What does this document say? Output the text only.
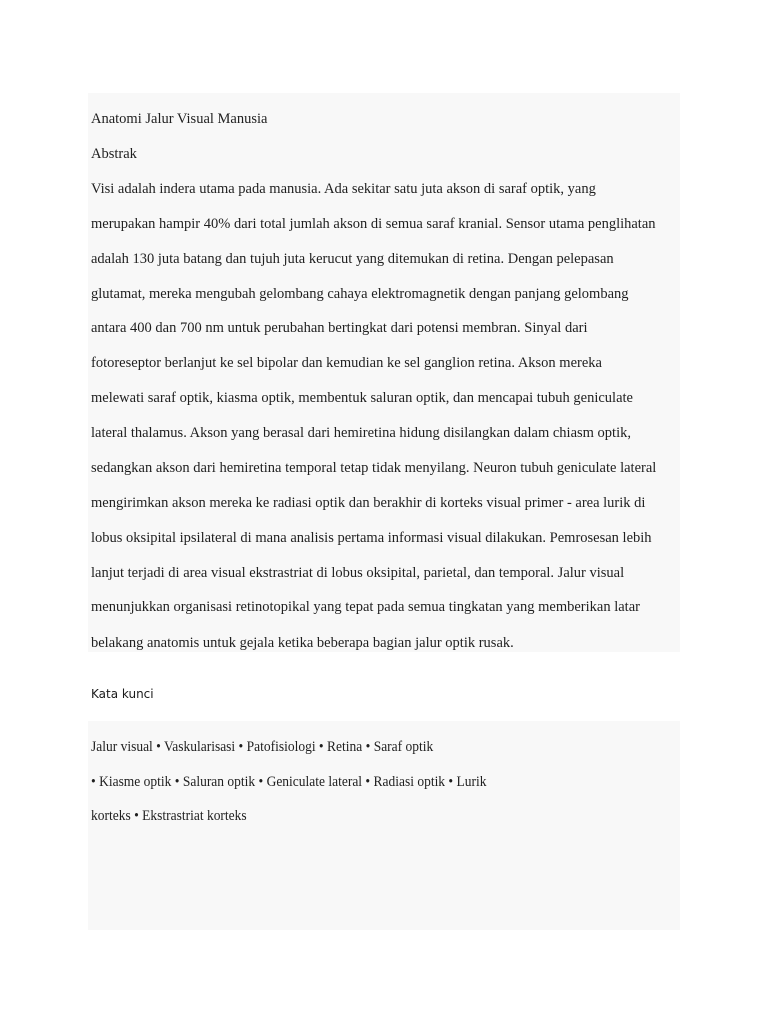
Anatomi Jalur Visual Manusia

Abstrak

Visi adalah indera utama pada manusia. Ada sekitar satu juta akson di saraf optik, yang

merupakan hampir 40% dari total jumlah akson di semua saraf kranial. Sensor utama penglihatan

adalah 130 juta batang dan tujuh juta kerucut yang ditemukan di retina. Dengan pelepasan

glutamat, mereka mengubah gelombang cahaya elektromagnetik dengan panjang gelombang

antara 400 dan 700 nm untuk perubahan bertingkat dari potensi membran. Sinyal dari

fotoreseptor berlanjut ke sel bipolar dan kemudian ke sel ganglion retina. Akson mereka

melewati saraf optik, kiasma optik, membentuk saluran optik, dan mencapai tubuh geniculate

lateral thalamus. Akson yang berasal dari hemiretina hidung disilangkan dalam chiasm optik,

sedangkan akson dari hemiretina temporal tetap tidak menyilang. Neuron tubuh geniculate lateral

mengirimkan akson mereka ke radiasi optik dan berakhir di korteks visual primer - area lurik di

lobus oksipital ipsilateral di mana analisis pertama informasi visual dilakukan. Pemrosesan lebih

lanjut terjadi di area visual ekstrastriat di lobus oksipital, parietal, dan temporal. Jalur visual

menunjukkan organisasi retinotopikal yang tepat pada semua tingkatan yang memberikan latar

belakang anatomis untuk gejala ketika beberapa bagian jalur optik rusak.

Kata kunci

Jalur visual • Vaskularisasi • Patofisiologi • Retina • Saraf optik

• Kiasme optik • Saluran optik • Geniculate lateral • Radiasi optik • Lurik

korteks • Ekstrastriat korteks
